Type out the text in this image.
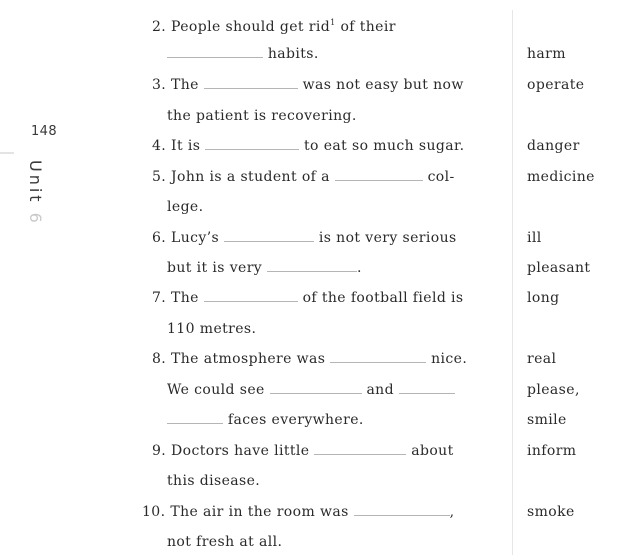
148
Unit 6
2. People should get rid$^1$ of their
habits.
3. The	was not easy but now
the patient is recovering.
4. It is	to eat so much sugar.
5. John is a student of a	col-
lege.
6. Lucy’s	is not very serious
but it is very	.
7. The	of the football field is
110 metres.
8. The atmosphere was	nice.
We could see	and
faces everywhere.
9. Doctors have little	about
this disease.
10. The air in the room was	,
not fresh at all.
harm
operate
danger
medicine
ill
pleasant
long
real
please,
smile
inform
smoke
